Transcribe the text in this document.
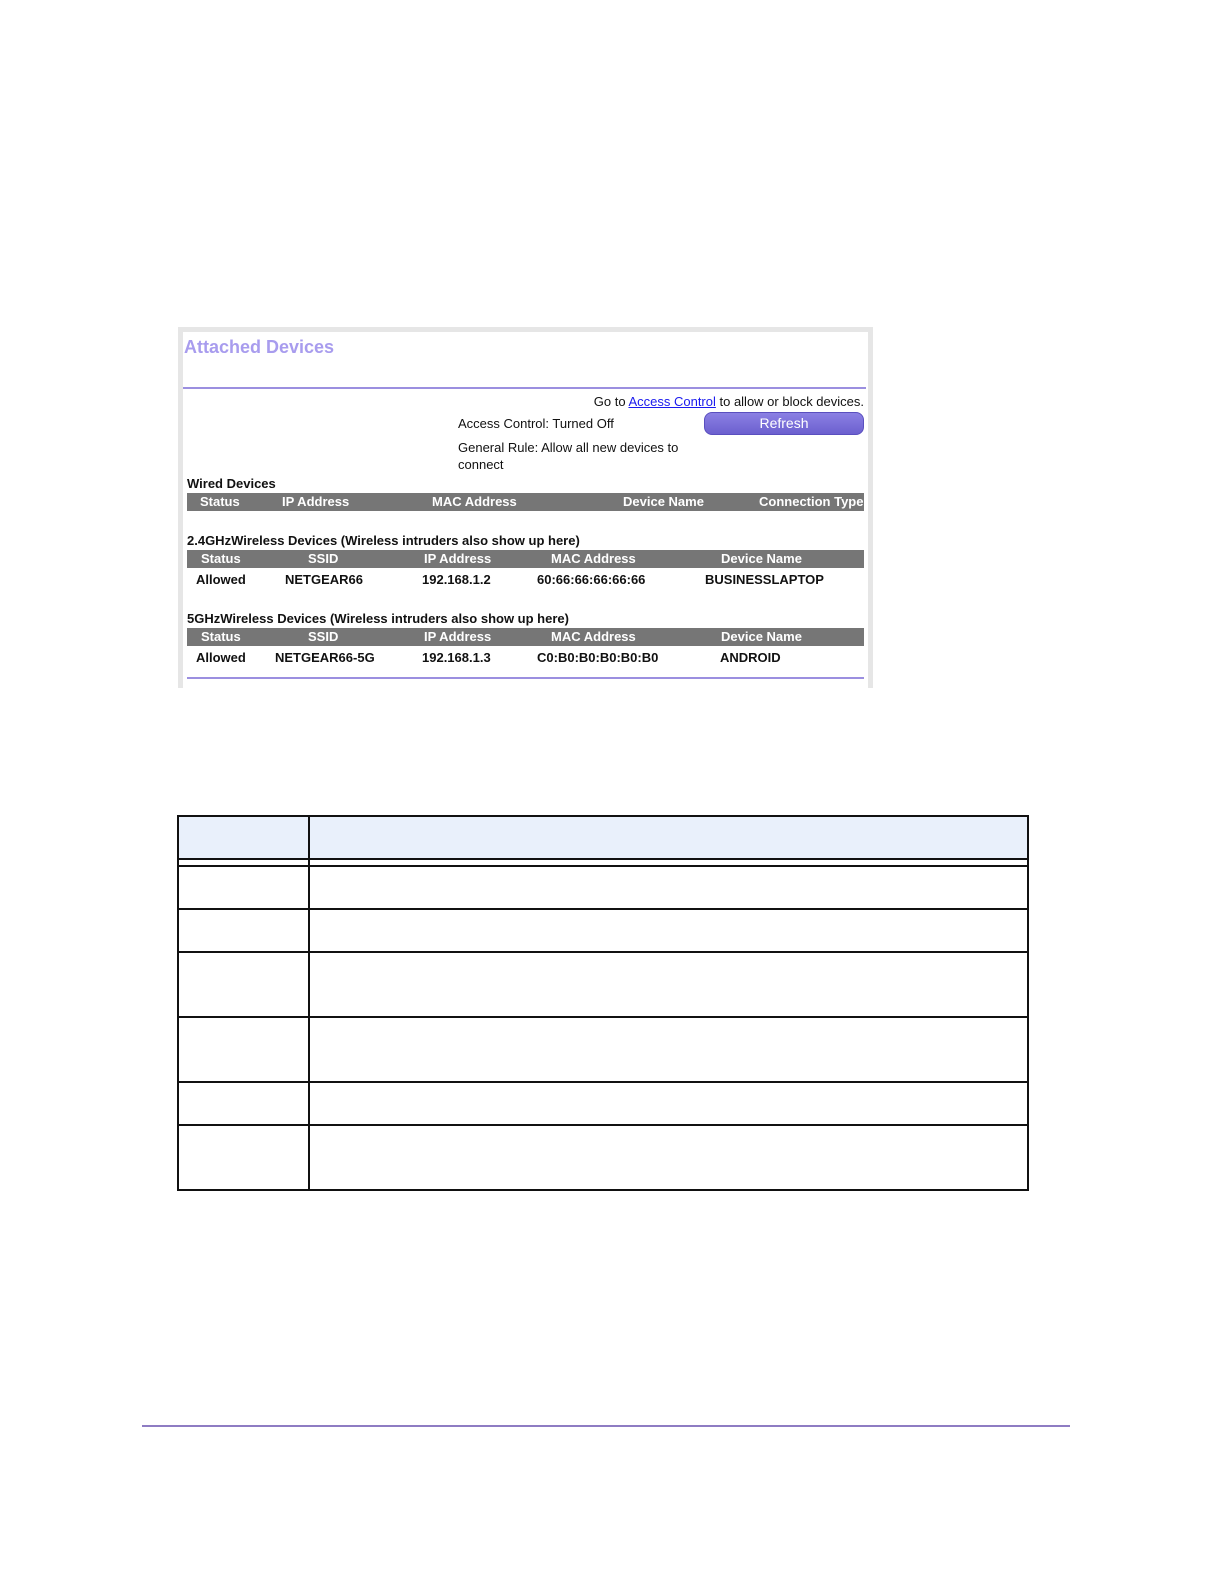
Attached Devices
Go to Access Control to allow or block devices.
Access Control: Turned Off	Refresh
General Rule: Allow all new devices to connect
Wired Devices
Status	IP Address	MAC Address	Device Name	Connection Type
2.4GHzWireless Devices (Wireless intruders also show up here)
Status	SSID	IP Address	MAC Address	Device Name
Allowed	NETGEAR66	192.168.1.2	60:66:66:66:66:66	BUSINESSLAPTOP
5GHzWireless Devices (Wireless intruders also show up here)
Status	SSID	IP Address	MAC Address	Device Name
Allowed NETGEAR66-5G	192.168.1.3	C0:B0:B0:B0:B0:B0	ANDROID
